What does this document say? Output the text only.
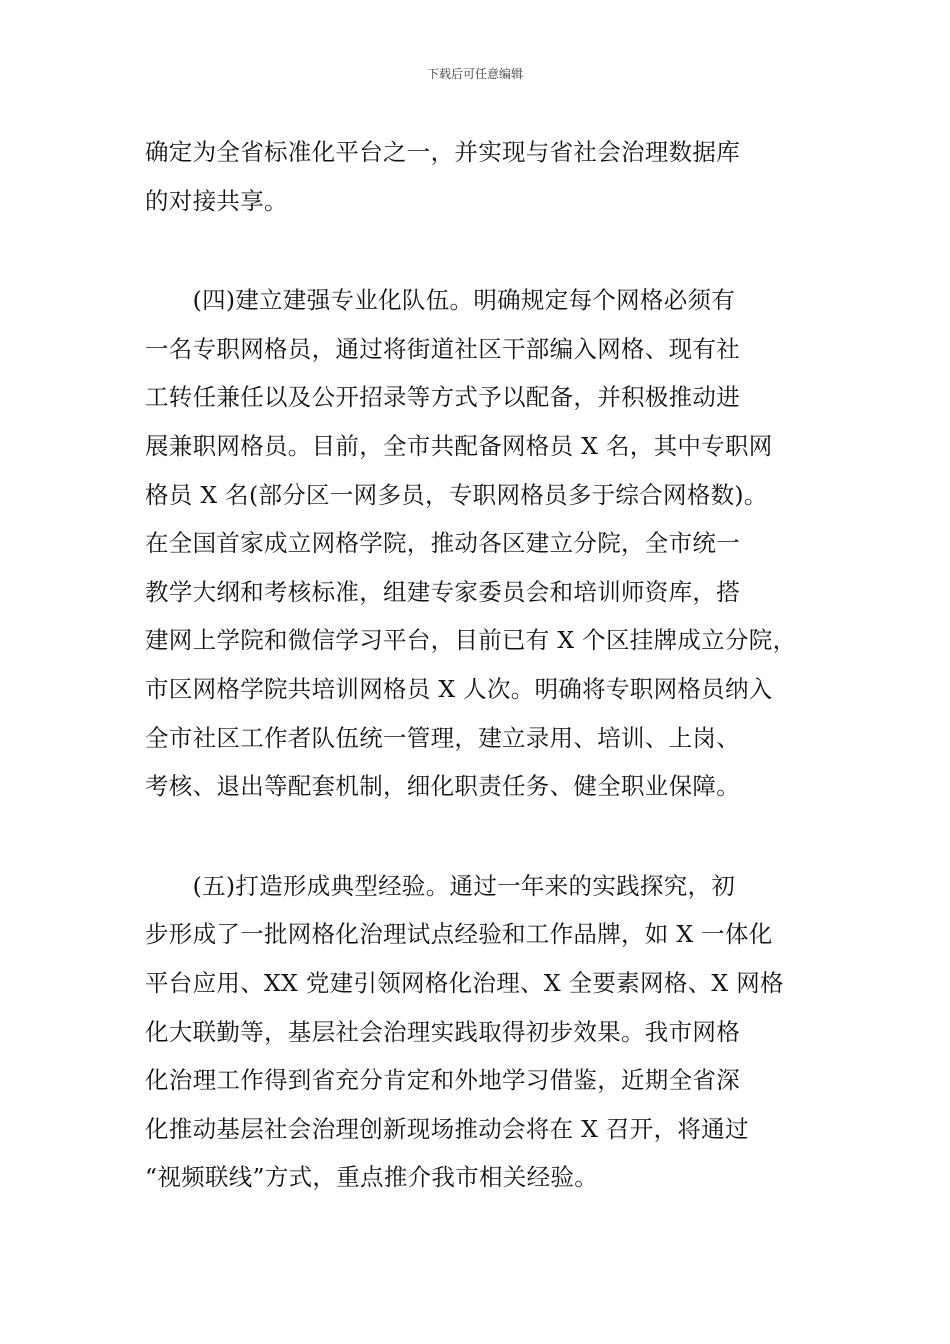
下载后可任意编辑

确定为全省标准化平台之一，并实现与省社会治理数据库
的对接共享。

　　(四)建立建强专业化队伍。明确规定每个网格必须有
一名专职网格员，通过将街道社区干部编入网格、现有社
工转任兼任以及公开招录等方式予以配备，并积极推动进
展兼职网格员。目前，全市共配备网格员 X 名，其中专职网
格员 X 名(部分区一网多员，专职网格员多于综合网格数)。
在全国首家成立网格学院，推动各区建立分院，全市统一
教学大纲和考核标准，组建专家委员会和培训师资库，搭
建网上学院和微信学习平台，目前已有 X 个区挂牌成立分院，
市区网格学院共培训网格员 X 人次。明确将专职网格员纳入
全市社区工作者队伍统一管理，建立录用、培训、上岗、
考核、退出等配套机制，细化职责任务、健全职业保障。

　　(五)打造形成典型经验。通过一年来的实践探究，初
步形成了一批网格化治理试点经验和工作品牌，如 X 一体化
平台应用、XX 党建引领网格化治理、X 全要素网格、X 网格
化大联勤等，基层社会治理实践取得初步效果。我市网格
化治理工作得到省充分肯定和外地学习借鉴，近期全省深
化推动基层社会治理创新现场推动会将在 X 召开，将通过
“视频联线”方式，重点推介我市相关经验。
